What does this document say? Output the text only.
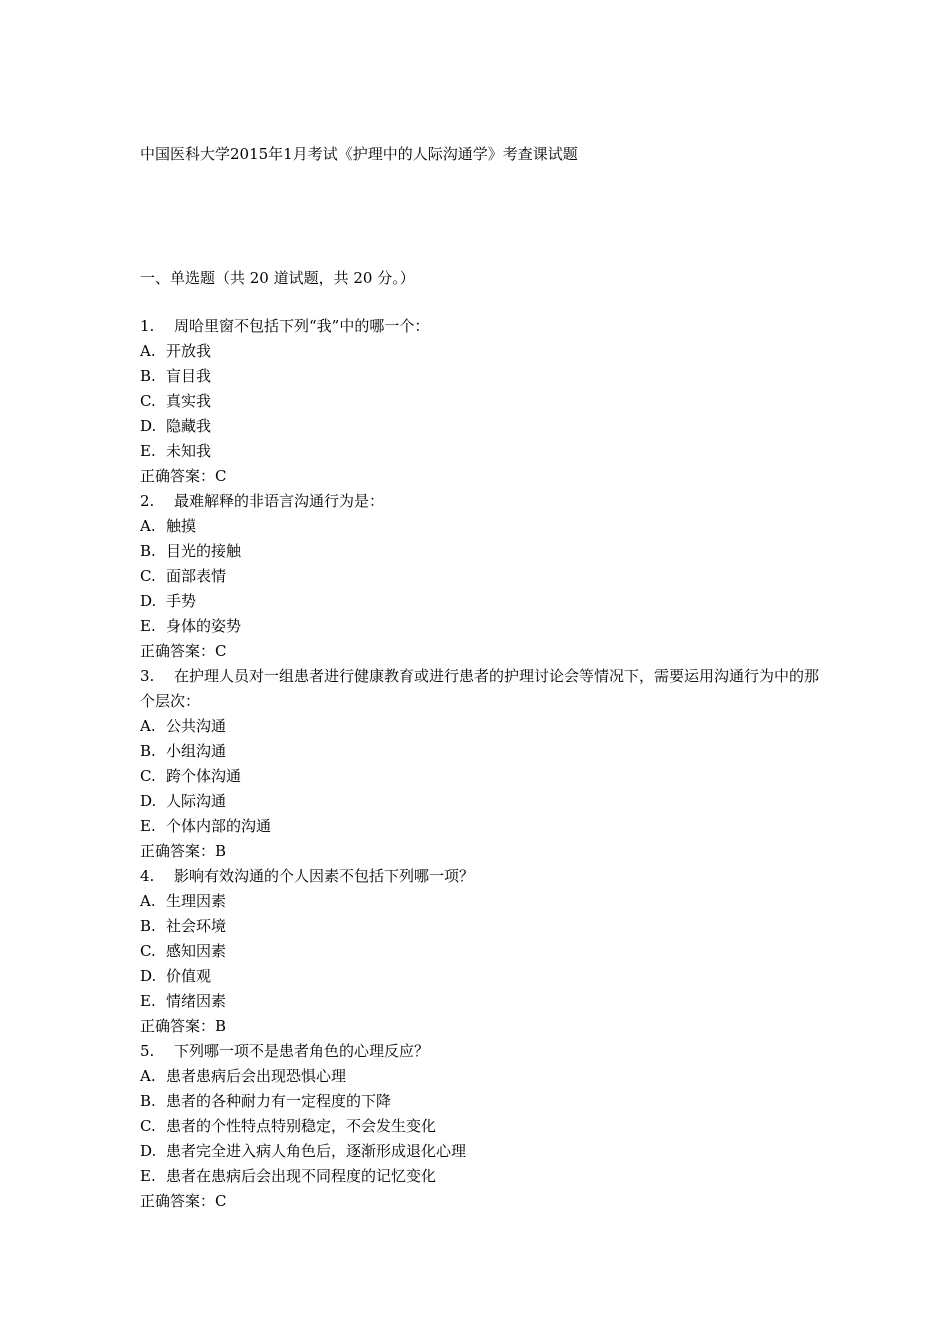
中国医科大学2015年1月考试《护理中的人际沟通学》考查课试题
一、单选题（共 20 道试题，共 20 分。）
1. 周哈里窗不包括下列“我”中的哪一个：
A. 开放我
B. 盲目我
C. 真实我
D. 隐藏我
E. 未知我
正确答案：C
2. 最难解释的非语言沟通行为是：
A. 触摸
B. 目光的接触
C. 面部表情
D. 手势
E. 身体的姿势
正确答案：C
3. 在护理人员对一组患者进行健康教育或进行患者的护理讨论会等情况下，需要运用沟通行为中的那个层次：
A. 公共沟通
B. 小组沟通
C. 跨个体沟通
D. 人际沟通
E. 个体内部的沟通
正确答案：B
4. 影响有效沟通的个人因素不包括下列哪一项？
A. 生理因素
B. 社会环境
C. 感知因素
D. 价值观
E. 情绪因素
正确答案：B
5. 下列哪一项不是患者角色的心理反应？
A. 患者患病后会出现恐惧心理
B. 患者的各种耐力有一定程度的下降
C. 患者的个性特点特别稳定，不会发生变化
D. 患者完全进入病人角色后，逐渐形成退化心理
E. 患者在患病后会出现不同程度的记忆变化
正确答案：C
